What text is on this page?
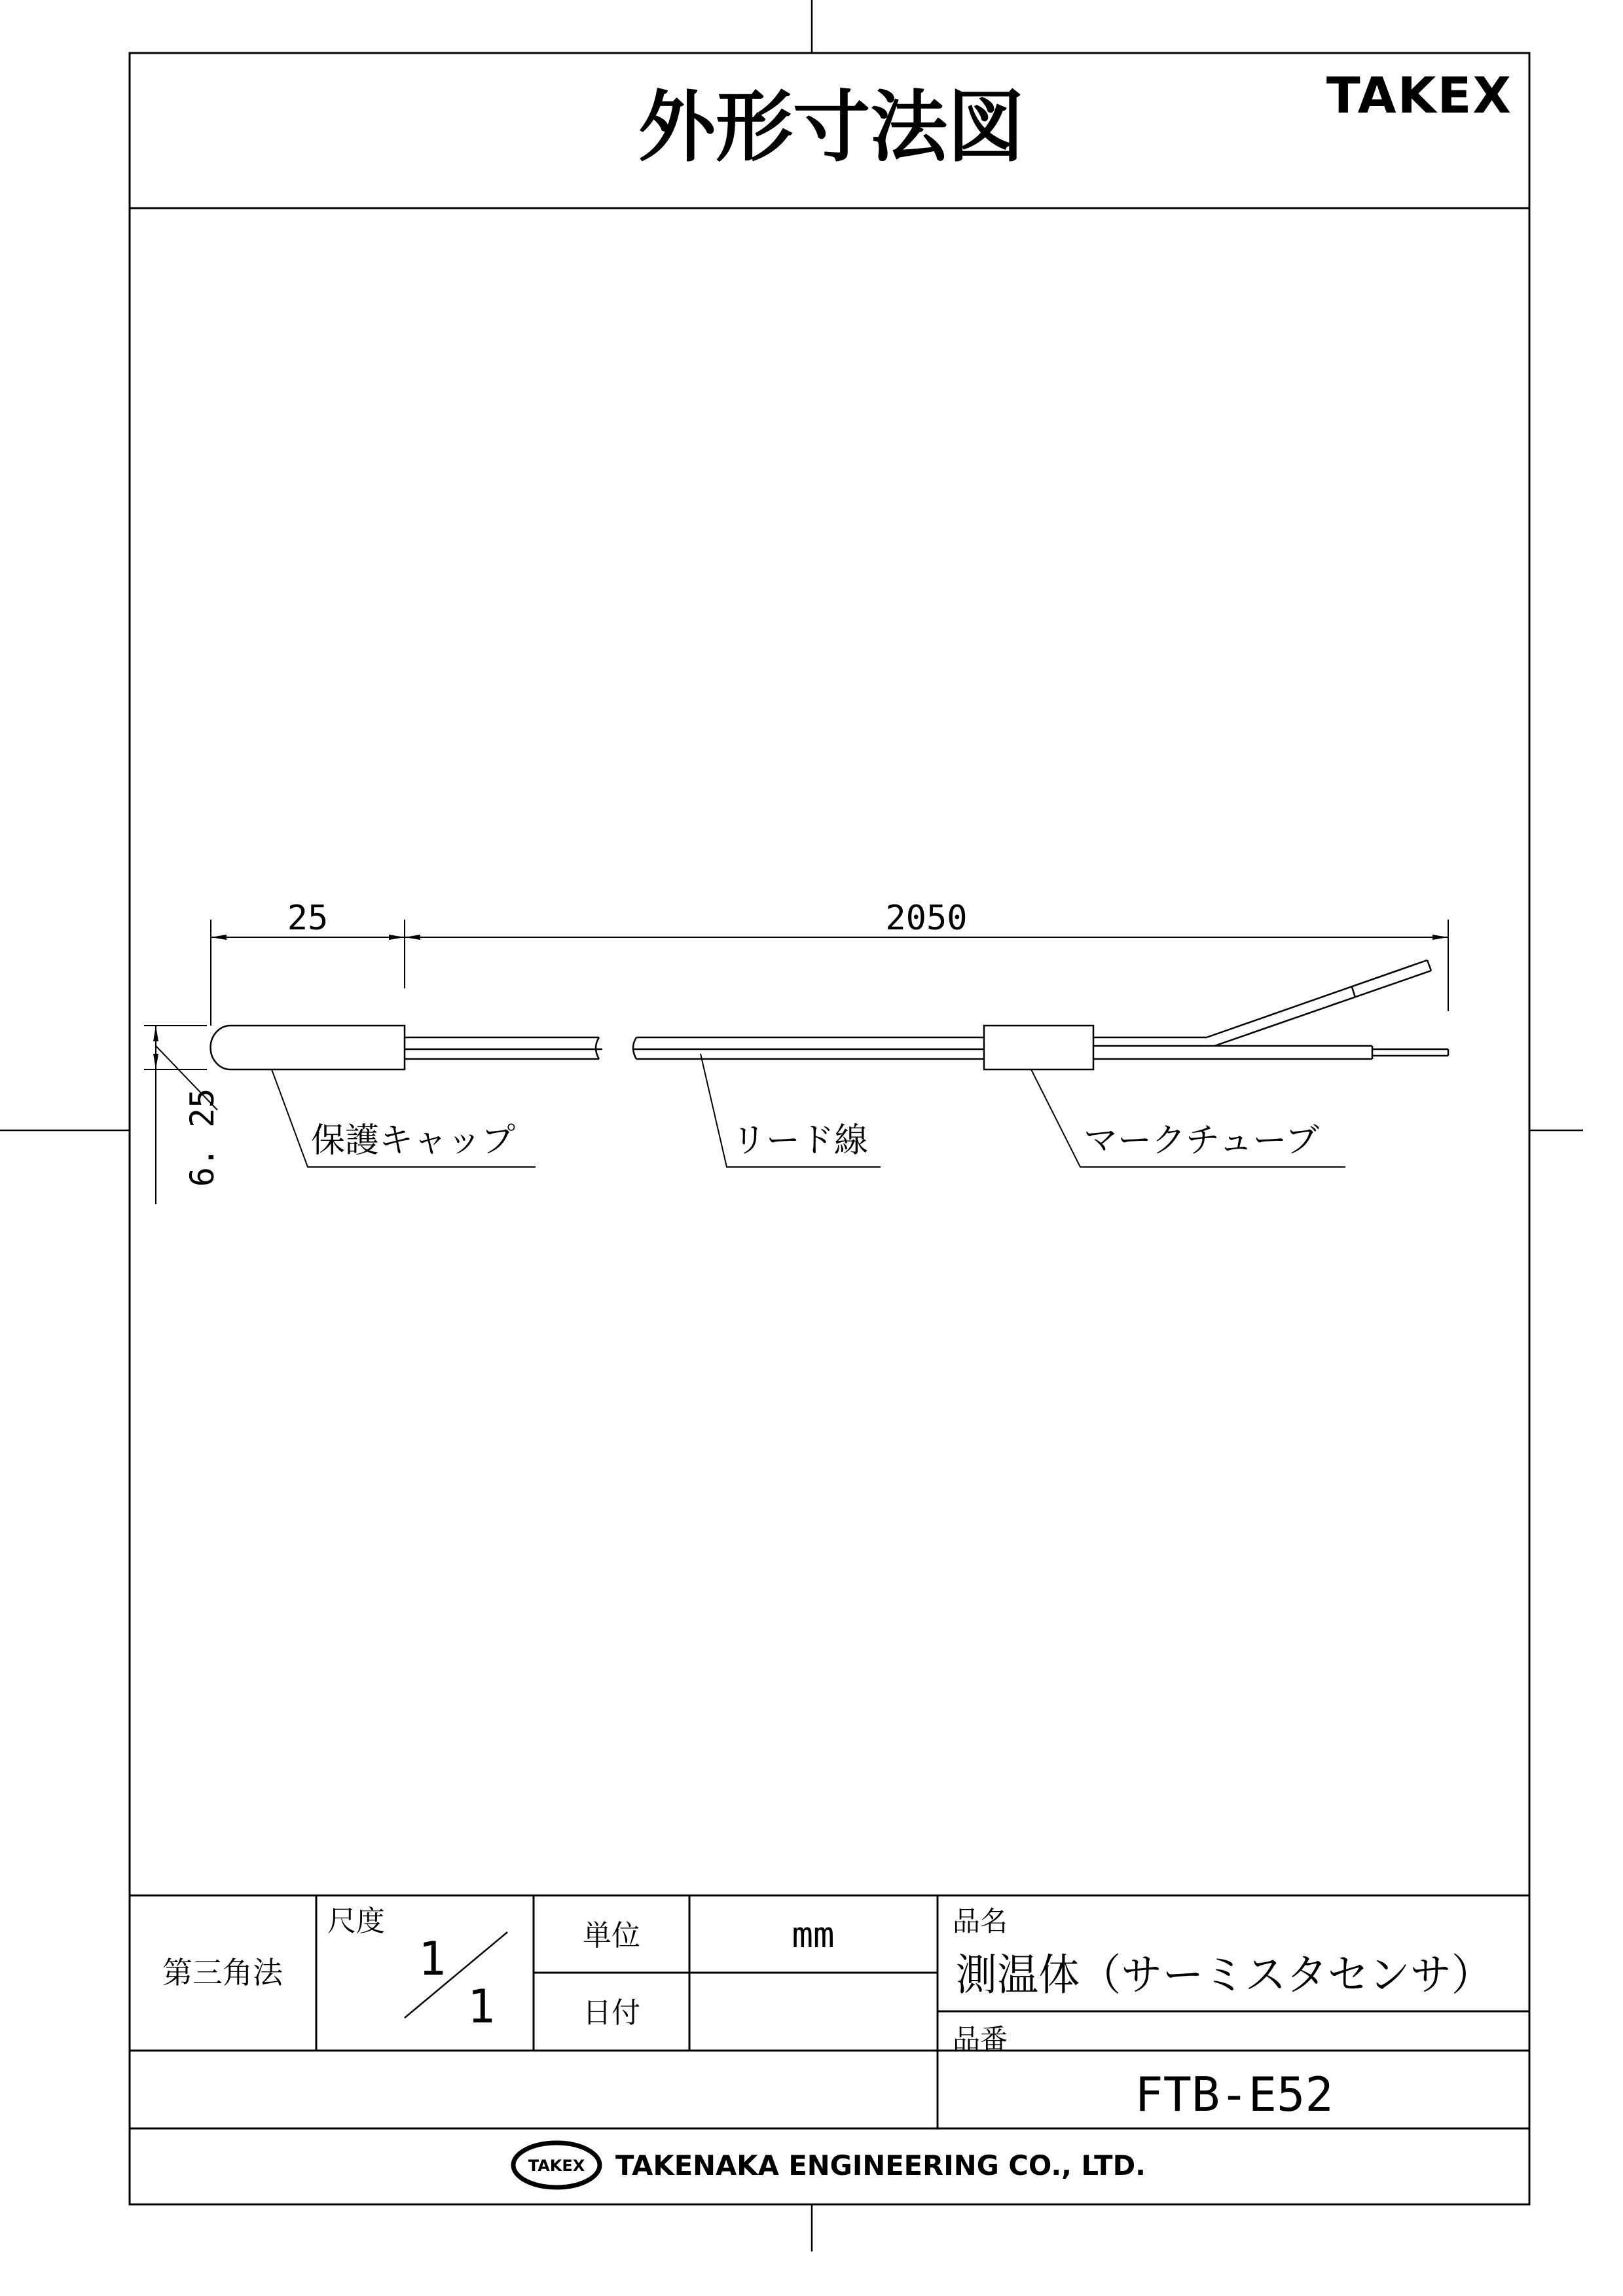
外形寸法図	TAKEX
25	2050
6. 25	保護キャップ	リード線	マークチューブ
第三角法
尺度
1
1
単位	mm
日付
品名
測温体（サーミスタセンサ）
品番
FTB-E52
TAKEX TAKENAKA ENGINEERING CO., LTD.
